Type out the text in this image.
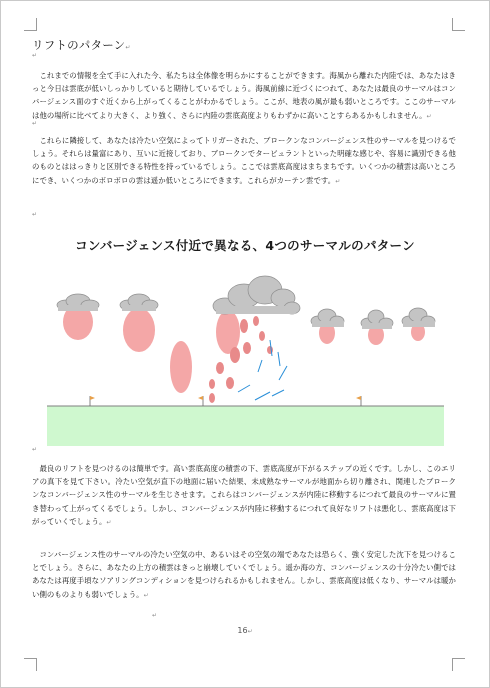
リフトのパターン↵
↵
　これまでの情報を全て手に入れた今、私たちは全体像を明らかにすることができます。海風から離れた内陸では、あなたはきっと今日は雲底が低いしっかりしていると期待しているでしょう。海風前線に近づくにつれて、あなたは最良のサーマルはコンバージェンス面のすぐ近くから上がってくることがわかるでしょう。ここが、地表の風が最も弱いところです。ここのサーマルは他の場所に比べてより大きく、より強く、さらに内陸の雲底高度よりもわずかに高いことすらあるかもしれません。↵
↵
　これらに隣接して、あなたは冷たい空気によってトリガーされた、ブロークンなコンバージェンス性のサーマルを見つけるでしょう。それらは量富にあり、互いに近接しており、ブロークンでタービュラントといった明確な感じや、容易に識別できる他のものとははっきりと区別できる特性を持っているでしょう。ここでは雲底高度はまちまちです。いくつかの積雲は高いところにでき、いくつかのボロボロの雲は遥か低いところにできます。これらがカーテン雲です。↵
↵
コンバージェンス付近で異なる、4つのサーマルのパターン
↵
　最良のリフトを見つけるのは簡単です。高い雲底高度の積雲の下、雲底高度が下がるステップの近くです。しかし、このエリアの真下を見て下さい。冷たい空気が直下の地面に届いた結果、未成熟なサーマルが地面から切り離され、関連したブロークンなコンバージェンス性のサーマルを生じさせます。これらはコンバージェンスが内陸に移動するにつれて最良のサーマルに置き替わって上がってくるでしょう。しかし、コンバージェンスが内陸に移動するにつれて良好なリフトは悪化し、雲底高度は下がっていくでしょう。↵
　コンバージェンス性のサーマルの冷たい空気の中、あるいはその空気の端であなたは恐らく、強く安定した沈下を見つけることでしょう。さらに、あなたの上方の積雲はきっと崩壊していくでしょう。遥か海の方、コンバージェンスの十分冷たい側ではあなたは再度手頃なソアリングコンディションを見つけられるかもしれません。しかし、雲底高度は低くなり、サーマルは暖かい側のものよりも弱いでしょう。↵
↵
16↵
